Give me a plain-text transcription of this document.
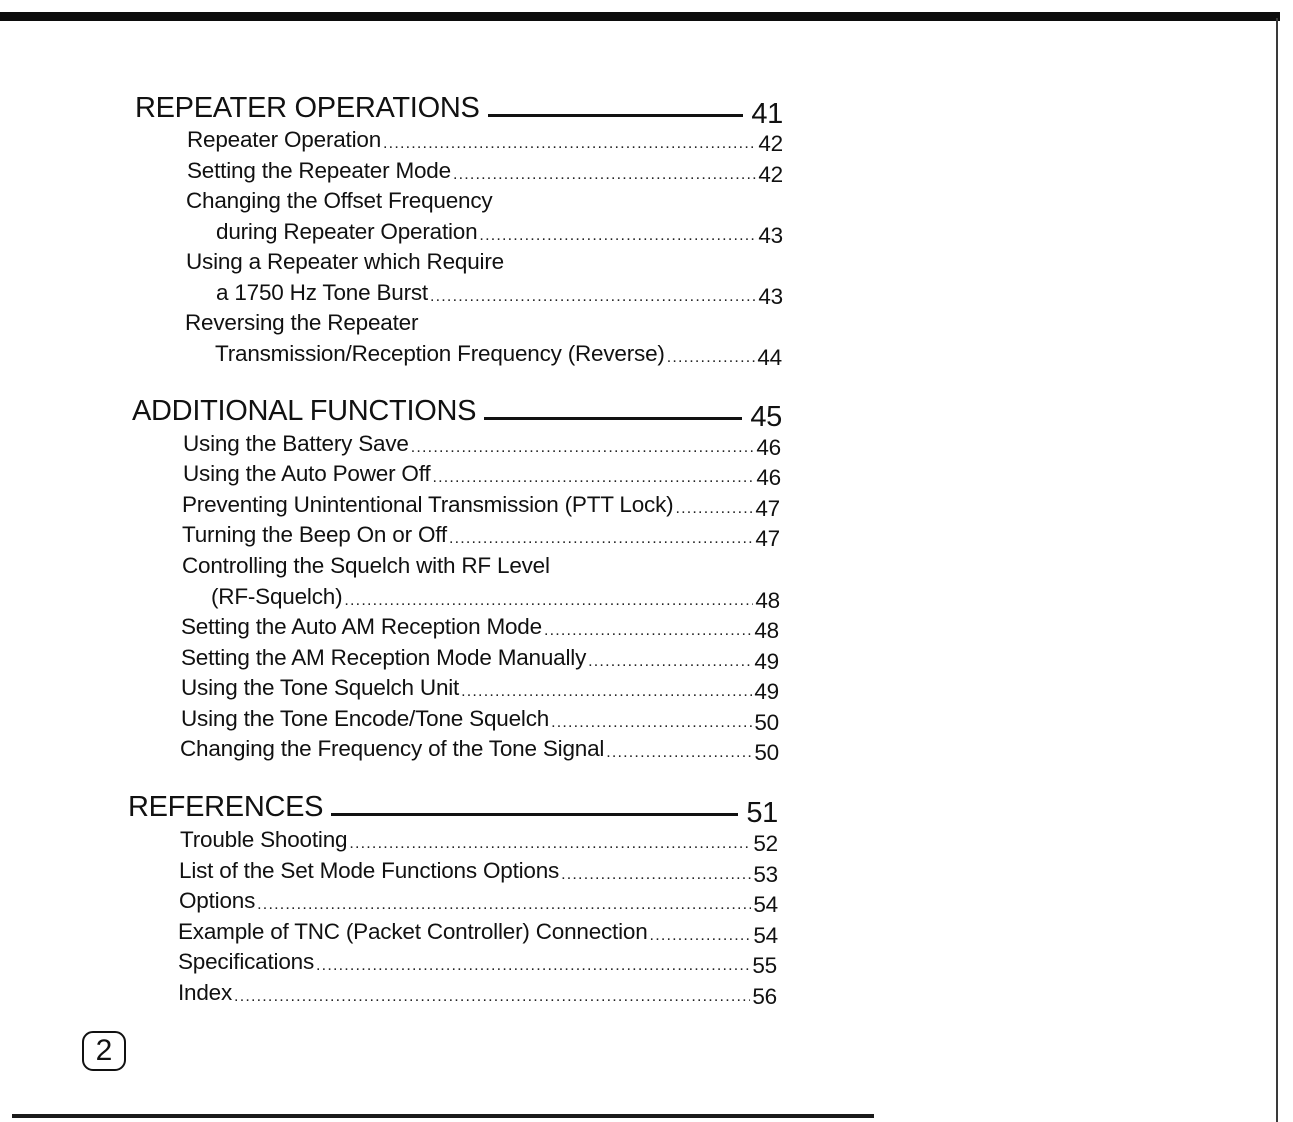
REPEATER OPERATIONS	41
Repeater Operation .....	42
Setting the Repeater Mode .....	42
Changing the Offset Frequency
during Repeater Operation .....	43
Using a Repeater which Require
a 1750 Hz Tone Burst .....	43
Reversing the Repeater
Transmission/Reception Frequency (Reverse) .....	44
ADDITIONAL FUNCTIONS	45
Using the Battery Save .....	46
Using the Auto Power Off .....	46
Preventing Unintentional Transmission (PTT Lock) .....	47
Turning the Beep On or Off .....	47
Controlling the Squelch with RF Level
(RF-Squelch) .....	48
Setting the Auto AM Reception Mode .....	48
Setting the AM Reception Mode Manually .....	49
Using the Tone Squelch Unit .....	49
Using the Tone Encode/Tone Squelch .....	50
Changing the Frequency of the Tone Signal .....	50
REFERENCES	51
Trouble Shooting .....	52
List of the Set Mode Functions Options .....	53
Options .....	54
Example of TNC (Packet Controller) Connection .....	54
Specifications .....	55
Index .....	56
2
